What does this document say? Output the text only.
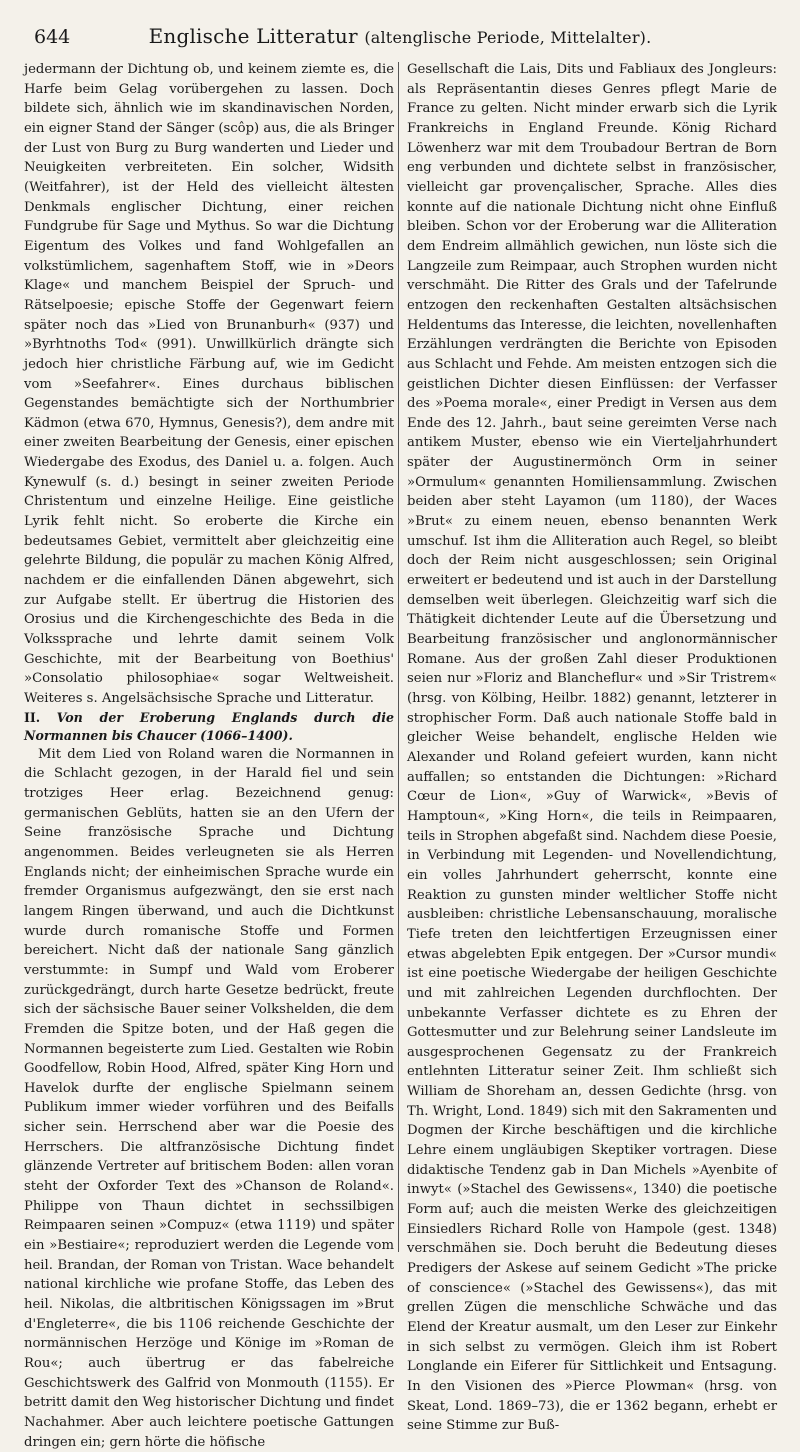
644	Englische Litteratur (altenglische Periode, Mittelalter).

jedermann der Dichtung ob, und keinem ziemte es, die Harfe beim Gelag vorübergehen zu lassen. Doch bildete sich, ähnlich wie im skandinavischen Norden, ein eigner Stand der Sänger (scôp) aus, die als Bringer der Lust von Burg zu Burg wanderten und Lieder und Neuigkeiten verbreiteten. Ein solcher, Widsith (Weitfahrer), ist der Held des vielleicht ältesten Denkmals englischer Dichtung, einer reichen Fundgrube für Sage und Mythus. So war die Dichtung Eigentum des Volkes und fand Wohlgefallen an volkstümlichem, sagenhaftem Stoff, wie in »Deors Klage« und manchem Beispiel der Spruch- und Rätselpoesie; epische Stoffe der Gegenwart feiern später noch das »Lied von Brunanburh« (937) und »Byrhtnoths Tod« (991). Unwillkürlich drängte sich jedoch hier christliche Färbung auf, wie im Gedicht vom »Seefahrer«. Eines durchaus biblischen Gegenstandes bemächtigte sich der Northumbrier Kädmon (etwa 670, Hymnus, Genesis?), dem andre mit einer zweiten Bearbeitung der Genesis, einer epischen Wiedergabe des Exodus, des Daniel u. a. folgen. Auch Kynewulf (s. d.) besingt in seiner zweiten Periode Christentum und einzelne Heilige. Eine geistliche Lyrik fehlt nicht. So eroberte die Kirche ein bedeutsames Gebiet, vermittelt aber gleichzeitig eine gelehrte Bildung, die populär zu machen König Alfred, nachdem er die einfallenden Dänen abgewehrt, sich zur Aufgabe stellt. Er übertrug die Historien des Orosius und die Kirchengeschichte des Beda in die Volkssprache und lehrte damit seinem Volk Geschichte, mit der Bearbeitung von Boethius' »Consolatio philosophiae« sogar Weltweisheit. Weiteres s. Angelsächsische Sprache und Litteratur.

II. Von der Eroberung Englands durch die Normannen bis Chaucer (1066–1400).

Mit dem Lied von Roland waren die Normannen in die Schlacht gezogen, in der Harald fiel und sein trotziges Heer erlag. Bezeichnend genug: germanischen Geblüts, hatten sie an den Ufern der Seine französische Sprache und Dichtung angenommen. Beides verleugneten sie als Herren Englands nicht; der einheimischen Sprache wurde ein fremder Organismus aufgezwängt, den sie erst nach langem Ringen überwand, und auch die Dichtkunst wurde durch romanische Stoffe und Formen bereichert. Nicht daß der nationale Sang gänzlich verstummte: in Sumpf und Wald vom Eroberer zurückgedrängt, durch harte Gesetze bedrückt, freute sich der sächsische Bauer seiner Volkshelden, die dem Fremden die Spitze boten, und der Haß gegen die Normannen begeisterte zum Lied. Gestalten wie Robin Goodfellow, Robin Hood, Alfred, später King Horn und Havelok durfte der englische Spielmann seinem Publikum immer wieder vorführen und des Beifalls sicher sein. Herrschend aber war die Poesie des Herrschers. Die altfranzösische Dichtung findet glänzende Vertreter auf britischem Boden: allen voran steht der Oxforder Text des »Chanson de Roland«. Philippe von Thaun dichtet in sechssilbigen Reimpaaren seinen »Compuz« (etwa 1119) und später ein »Bestiaire«; reproduziert werden die Legende vom heil. Brandan, der Roman von Tristan. Wace behandelt national kirchliche wie profane Stoffe, das Leben des heil. Nikolas, die altbritischen Königssagen im »Brut d'Engleterre«, die bis 1106 reichende Geschichte der normännischen Herzöge und Könige im »Roman de Rou«; auch übertrug er das fabelreiche Geschichtswerk des Galfrid von Monmouth (1155). Er betritt damit den Weg historischer Dichtung und findet Nachahmer. Aber auch leichtere poetische Gattungen dringen ein; gern hörte die höfische

Gesellschaft die Lais, Dits und Fabliaux des Jongleurs: als Repräsentantin dieses Genres pflegt Marie de France zu gelten. Nicht minder erwarb sich die Lyrik Frankreichs in England Freunde. König Richard Löwenherz war mit dem Troubadour Bertran de Born eng verbunden und dichtete selbst in französischer, vielleicht gar provençalischer, Sprache. Alles dies konnte auf die nationale Dichtung nicht ohne Einfluß bleiben. Schon vor der Eroberung war die Alliteration dem Endreim allmählich gewichen, nun löste sich die Langzeile zum Reimpaar, auch Strophen wurden nicht verschmäht. Die Ritter des Grals und der Tafelrunde entzogen den reckenhaften Gestalten altsächsischen Heldentums das Interesse, die leichten, novellenhaften Erzählungen verdrängten die Berichte von Episoden aus Schlacht und Fehde. Am meisten entzogen sich die geistlichen Dichter diesen Einflüssen: der Verfasser des »Poema morale«, einer Predigt in Versen aus dem Ende des 12. Jahrh., baut seine gereimten Verse nach antikem Muster, ebenso wie ein Vierteljahrhundert später der Augustinermönch Orm in seiner »Ormulum« genannten Homiliensammlung. Zwischen beiden aber steht Layamon (um 1180), der Waces »Brut« zu einem neuen, ebenso benannten Werk umschuf. Ist ihm die Alliteration auch Regel, so bleibt doch der Reim nicht ausgeschlossen; sein Original erweitert er bedeutend und ist auch in der Darstellung demselben weit überlegen. Gleichzeitig warf sich die Thätigkeit dichtender Leute auf die Übersetzung und Bearbeitung französischer und anglonormännischer Romane. Aus der großen Zahl dieser Produktionen seien nur »Floriz and Blancheflur« und »Sir Tristrem« (hrsg. von Kölbing, Heilbr. 1882) genannt, letzterer in strophischer Form. Daß auch nationale Stoffe bald in gleicher Weise behandelt, englische Helden wie Alexander und Roland gefeiert wurden, kann nicht auffallen; so entstanden die Dichtungen: »Richard Cœur de Lion«, »Guy of Warwick«, »Bevis of Hamptoun«, »King Horn«, die teils in Reimpaaren, teils in Strophen abgefaßt sind. Nachdem diese Poesie, in Verbindung mit Legenden- und Novellendichtung, ein volles Jahrhundert geherrscht, konnte eine Reaktion zu gunsten minder weltlicher Stoffe nicht ausbleiben: christliche Lebensanschauung, moralische Tiefe treten den leichtfertigen Erzeugnissen einer etwas abgelebten Epik entgegen. Der »Cursor mundi« ist eine poetische Wiedergabe der heiligen Geschichte und mit zahlreichen Legenden durchflochten. Der unbekannte Verfasser dichtete es zu Ehren der Gottesmutter und zur Belehrung seiner Landsleute im ausgesprochenen Gegensatz zu der Frankreich entlehnten Litteratur seiner Zeit. Ihm schließt sich William de Shoreham an, dessen Gedichte (hrsg. von Th. Wright, Lond. 1849) sich mit den Sakramenten und Dogmen der Kirche beschäftigen und die kirchliche Lehre einem ungläubigen Skeptiker vortragen. Diese didaktische Tendenz gab in Dan Michels »Ayenbite of inwyt« (»Stachel des Gewissens«, 1340) die poetische Form auf; auch die meisten Werke des gleichzeitigen Einsiedlers Richard Rolle von Hampole (gest. 1348) verschmähen sie. Doch beruht die Bedeutung dieses Predigers der Askese auf seinem Gedicht »The pricke of conscience« (»Stachel des Gewissens«), das mit grellen Zügen die menschliche Schwäche und das Elend der Kreatur ausmalt, um den Leser zur Einkehr in sich selbst zu vermögen. Gleich ihm ist Robert Longlande ein Eiferer für Sittlichkeit und Entsagung. In den Visionen des »Pierce Plowman« (hrsg. von Skeat, Lond. 1869–73), die er 1362 begann, erhebt er seine Stimme zur Buß-
